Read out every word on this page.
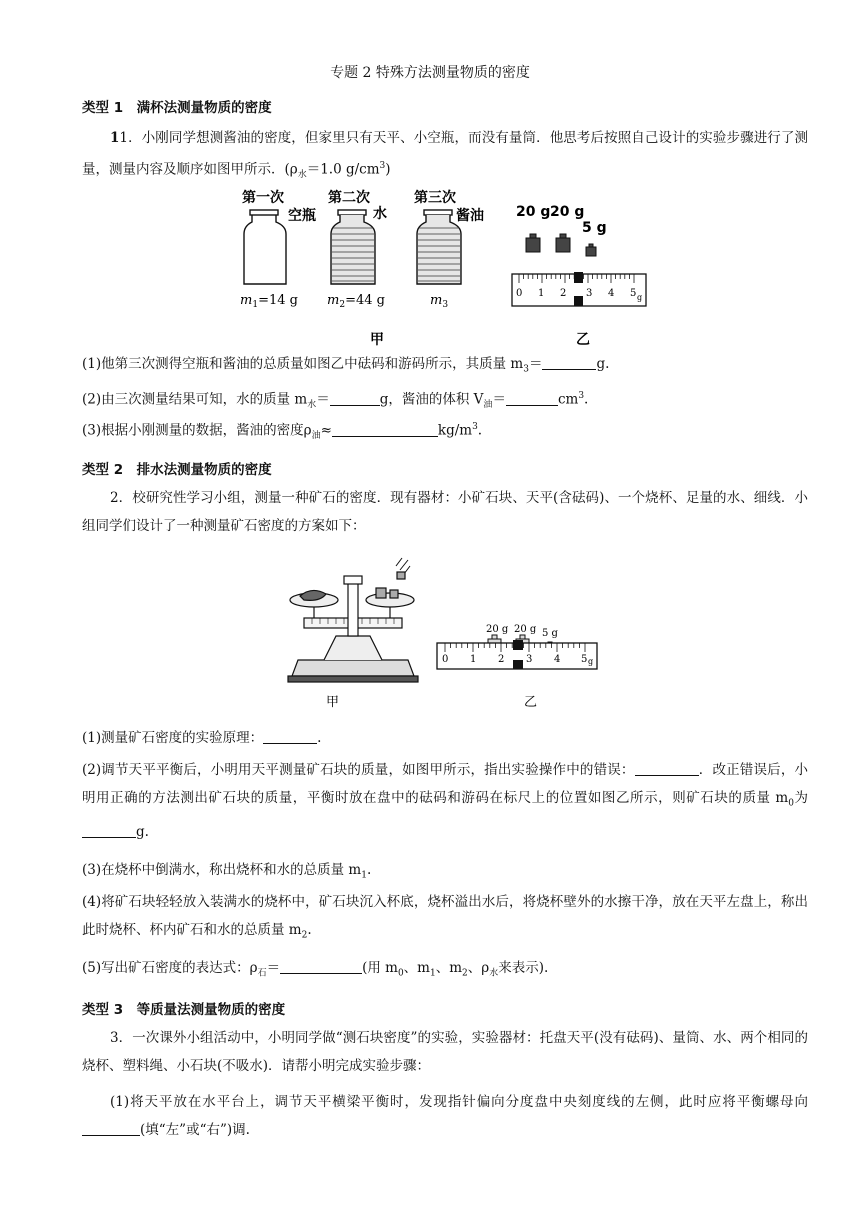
专题 2 特殊方法测量物质的密度
类型 1　满杯法测量物质的密度
11．小刚同学想测酱油的密度，但家里只有天平、小空瓶，而没有量筒．他思考后按照自己设计的实验步骤进行了测量，测量内容及顺序如图甲所示．($\rho_水=1.0$ $g/cm^3$)
第一次	第二次	第三次
空瓶	水	酱油
$m_1=14$ g $m_2=44$ g	$m_3$
20 g 20 g
5 g
0 1 2 3 4 5 g
甲	乙
(1)他第三次测得空瓶和酱油的总质量如图乙中砝码和游码所示，其质量 $m_3=$	g.
(2)由三次测量结果可知，水的质量 $m_水=$	g，酱油的体积 $V_油=$	$cm^3$.
(3)根据小刚测量的数据，酱油的密度$\rho_油\approx$	$kg/m^3$.
类型 2　排水法测量物质的密度
2．校研究性学习小组，测量一种矿石的密度．现有器材：小矿石块、天平(含砝码)、一个烧杯、足量的水、细线．小组同学们设计了一种测量矿石密度的方案如下：
20 g 20 g 5 g
0 1 2 3 4 5 g
甲	乙
(1)测量矿石密度的实验原理：	.
(2)调节天平平衡后，小明用天平测量矿石块的质量，如图甲所示，指出实验操作中的错误：	．改正错误后，小明用正确的方法测出矿石块的质量，平衡时放在盘中的砝码和游码在标尺上的位置如图乙所示，则矿石块的质量 $m_0$为g.
(3)在烧杯中倒满水，称出烧杯和水的总质量 $m_1$.
(4)将矿石块轻轻放入装满水的烧杯中，矿石块沉入杯底，烧杯溢出水后，将烧杯壁外的水擦干净，放在天平左盘上，称出此时烧杯、杯内矿石和水的总质量 $m_2$.
(5)写出矿石密度的表达式：$\rho_石=$	(用 $m_0$、$m_1$、$m_2$、$\rho_水$来表示).
类型 3　等质量法测量物质的密度
3．一次课外小组活动中，小明同学做“测石块密度”的实验，实验器材：托盘天平(没有砝码)、量筒、水、两个相同的烧杯、塑料绳、小石块(不吸水)．请帮小明完成实验步骤：
(1)将天平放在水平台上，调节天平横梁平衡时，发现指针偏向分度盘中央刻度线的左侧，此时应将平衡螺母向(填“左”或“右”)调.
